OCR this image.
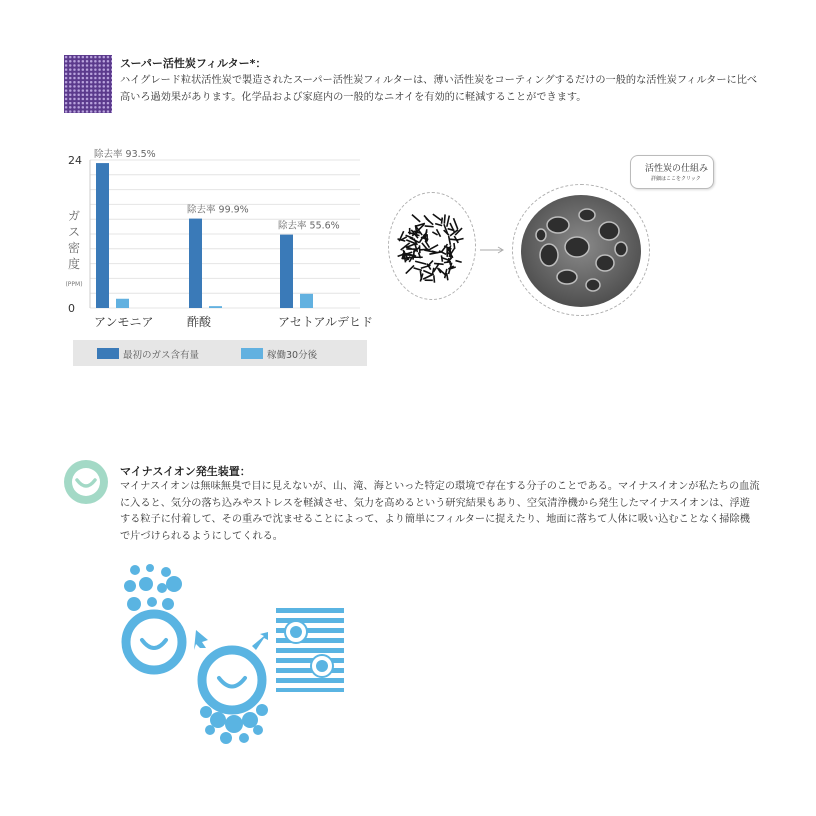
スーパー活性炭フィルター*：
ハイグレード粒状活性炭で製造されたスーパー活性炭フィルターは、薄い活性炭をコーティングするだけの一般的な活性炭フィルターに比べ高いろ過効果があります。化学品および家庭内の一般的なニオイを有効的に軽減することができます。
24
0
ガ
ス
密
度
(PPM)
アンモニア
除去率 93.5%
酢酸
除去率 99.9%
アセトアルデヒド
除去率 55.6%
最初のガス含有量	稼働30分後
活性炭の仕組み
詳細はここをクリック
マイナスイオン発生装置：
マイナスイオンは無味無臭で目に見えないが、山、滝、海といった特定の環境で存在する分子のことである。マイナスイオンが私たちの血流に入ると、気分の落ち込みやストレスを軽減させ、気力を高めるという研究結果もあり、空気清浄機から発生したマイナスイオンは、浮遊する粒子に付着して、その重みで沈ませることによって、より簡単にフィルターに捉えたり、地面に落ちて人体に吸い込むことなく掃除機で片づけられるようにしてくれる。
